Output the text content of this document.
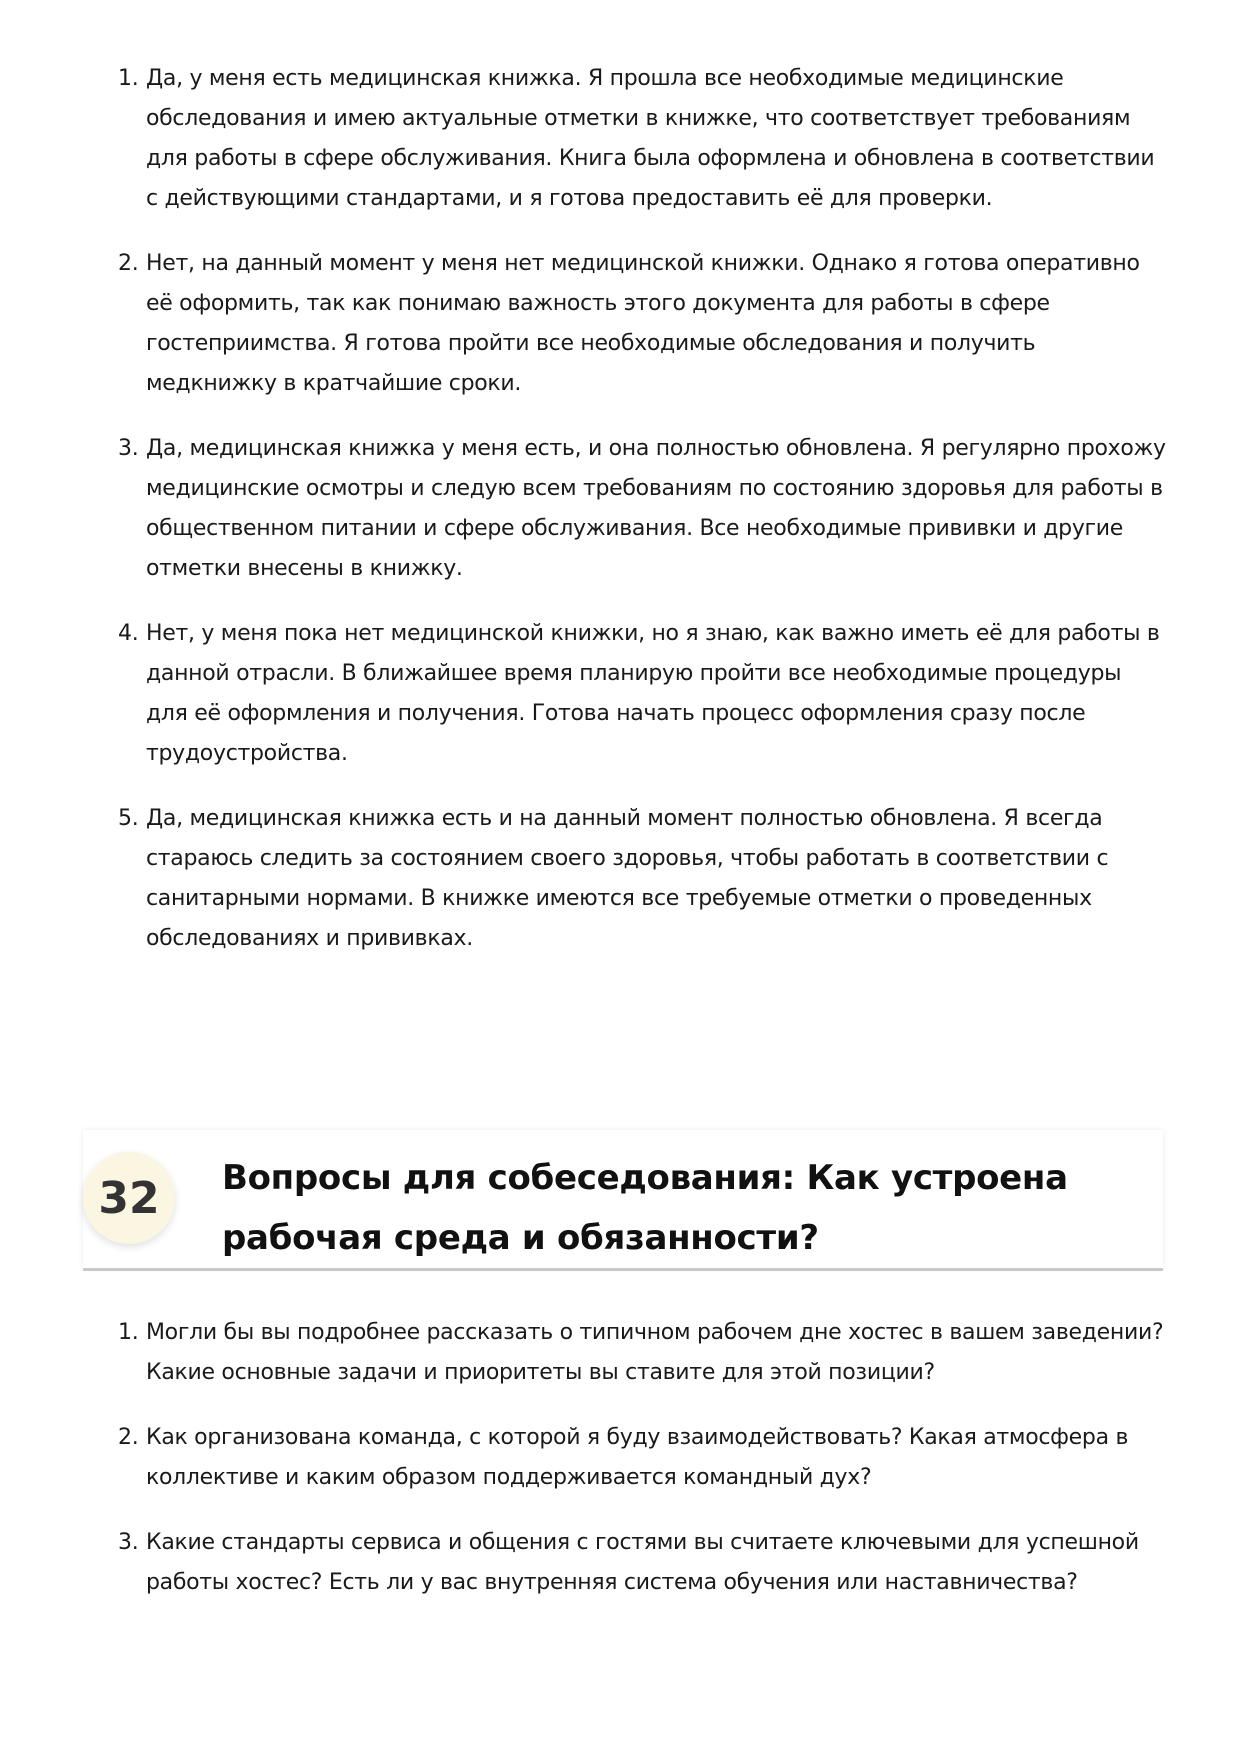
1. Да, у меня есть медицинская книжка. Я прошла все необходимые медицинские обследования и имею актуальные отметки в книжке, что соответствует требованиям для работы в сфере обслуживания. Книга была оформлена и обновлена в соответствии с действующими стандартами, и я готова предоставить её для проверки.
2. Нет, на данный момент у меня нет медицинской книжки. Однако я готова оперативно её оформить, так как понимаю важность этого документа для работы в сфере гостеприимства. Я готова пройти все необходимые обследования и получить медкнижку в кратчайшие сроки.
3. Да, медицинская книжка у меня есть, и она полностью обновлена. Я регулярно прохожу медицинские осмотры и следую всем требованиям по состоянию здоровья для работы в общественном питании и сфере обслуживания. Все необходимые прививки и другие отметки внесены в книжку.
4. Нет, у меня пока нет медицинской книжки, но я знаю, как важно иметь её для работы в данной отрасли. В ближайшее время планирую пройти все необходимые процедуры для её оформления и получения. Готова начать процесс оформления сразу после трудоустройства.
5. Да, медицинская книжка есть и на данный момент полностью обновлена. Я всегда стараюсь следить за состоянием своего здоровья, чтобы работать в соответствии с санитарными нормами. В книжке имеются все требуемые отметки о проведенных обследованиях и прививках.
32	Вопросы для собеседования: Как устроена рабочая среда и обязанности?
1. Могли бы вы подробнее рассказать о типичном рабочем дне хостес в вашем заведении? Какие основные задачи и приоритеты вы ставите для этой позиции?
2. Как организована команда, с которой я буду взаимодействовать? Какая атмосфера в коллективе и каким образом поддерживается командный дух?
3. Какие стандарты сервиса и общения с гостями вы считаете ключевыми для успешной работы хостес? Есть ли у вас внутренняя система обучения или наставничества?
